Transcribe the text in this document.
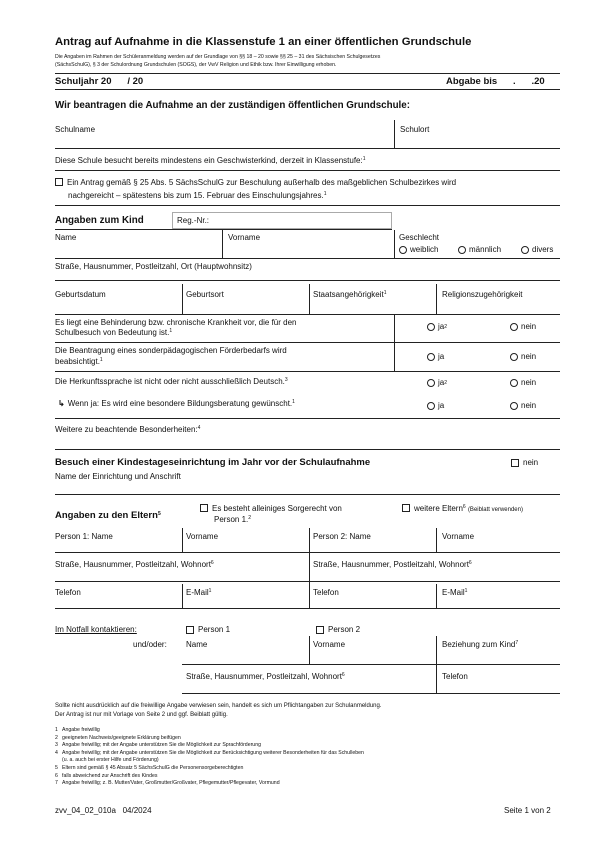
Antrag auf Aufnahme in die Klassenstufe 1 an einer öffentlichen Grundschule
Die Angaben im Rahmen der Schüleranmeldung werden auf der Grundlage von §§ 18 – 20 sowie §§ 25 – 31 des Sächsischen Schulgesetzes
(SächsSchulG), § 3 der Schulordnung Grundschulen (SOGS), der VwV Religion und Ethik bzw. Ihrer Einwilligung erhoben.
Schuljahr 20      / 20	Abgabe bis      .      .20
Wir beantragen die Aufnahme an der zuständigen öffentlichen Grundschule:
Schulname	Schulort
Diese Schule besucht bereits mindestens ein Geschwisterkind, derzeit in Klassenstufe:$^1$
Ein Antrag gemäß § 25 Abs. 5 SächsSchulG zur Beschulung außerhalb des maßgeblichen Schulbezirkes wird
nachgereicht – spätestens bis zum 15. Februar des Einschulungsjahres.$^1$
Angaben zum Kind	Reg.-Nr.:
Name	Vorname	Geschlecht
weiblich	männlich	divers
Straße, Hausnummer, Postleitzahl, Ort (Hauptwohnsitz)
Geburtsdatum	Geburtsort	Staatsangehörigkeit$^1$	Religionszugehörigkeit
Es liegt eine Behinderung bzw. chronische Krankheit vor, die für den
Schulbesuch von Bedeutung ist.$^1$	ja 2	nein
Die Beantragung eines sonderpädagogischen Förderbedarfs wird
beabsichtigt.$^1$	ja	nein
Die Herkunftssprache ist nicht oder nicht ausschließlich Deutsch.$^3$	ja 2	nein
↳ Wenn ja: Es wird eine besondere Bildungsberatung gewünscht.$^1$	ja	nein
Weitere zu beachtende Besonderheiten:$^4$
Besuch einer Kindestageseinrichtung im Jahr vor der Schulaufnahme	nein
Name der Einrichtung und Anschrift
Angaben zu den Eltern$^5$
Es besteht alleiniges Sorgerecht von
Person 1.$^2$
weitere Eltern$^6$ (Beiblatt verwenden)
Person 1: Name	Vorname	Person 2: Name	Vorname
Straße, Hausnummer, Postleitzahl, Wohnort$^6$	Straße, Hausnummer, Postleitzahl, Wohnort$^6$
Telefon	E-Mail$^1$	Telefon	E-Mail$^1$
Im Notfall kontaktieren:	Person 1	Person 2
und/oder: Name	Vorname	Beziehung zum Kind$^7$
Straße, Hausnummer, Postleitzahl, Wohnort$^6$	Telefon
Sollte nicht ausdrücklich auf die freiwillige Angabe verwiesen sein, handelt es sich um Pflichtangaben zur Schulanmeldung.
Der Antrag ist nur mit Vorlage von Seite 2 und ggf. Beiblatt gültig.
1 Angabe freiwillig
2 geeigneten Nachweis/geeignete Erklärung beifügen
3 Angabe freiwillig; mit der Angabe unterstützen Sie die Möglichkeit zur Sprachförderung
4 Angabe freiwillig; mit der Angabe unterstützen Sie die Möglichkeit zur Berücksichtigung weiterer Besonderheiten für das Schulleben
(u. a. auch bei erster Hilfe und Förderung)
5 Eltern sind gemäß § 45 Absatz 5 SächsSchulG die Personensorgeberechtigten
6 falls abweichend zur Anschrift des Kindes
7 Angabe freiwillig; z. B. Mutter/Vater, Großmutter/Großvater, Pflegemutter/Pflegevater, Vormund
zvv_04_02_010a   04/2024	Seite 1 von 2
